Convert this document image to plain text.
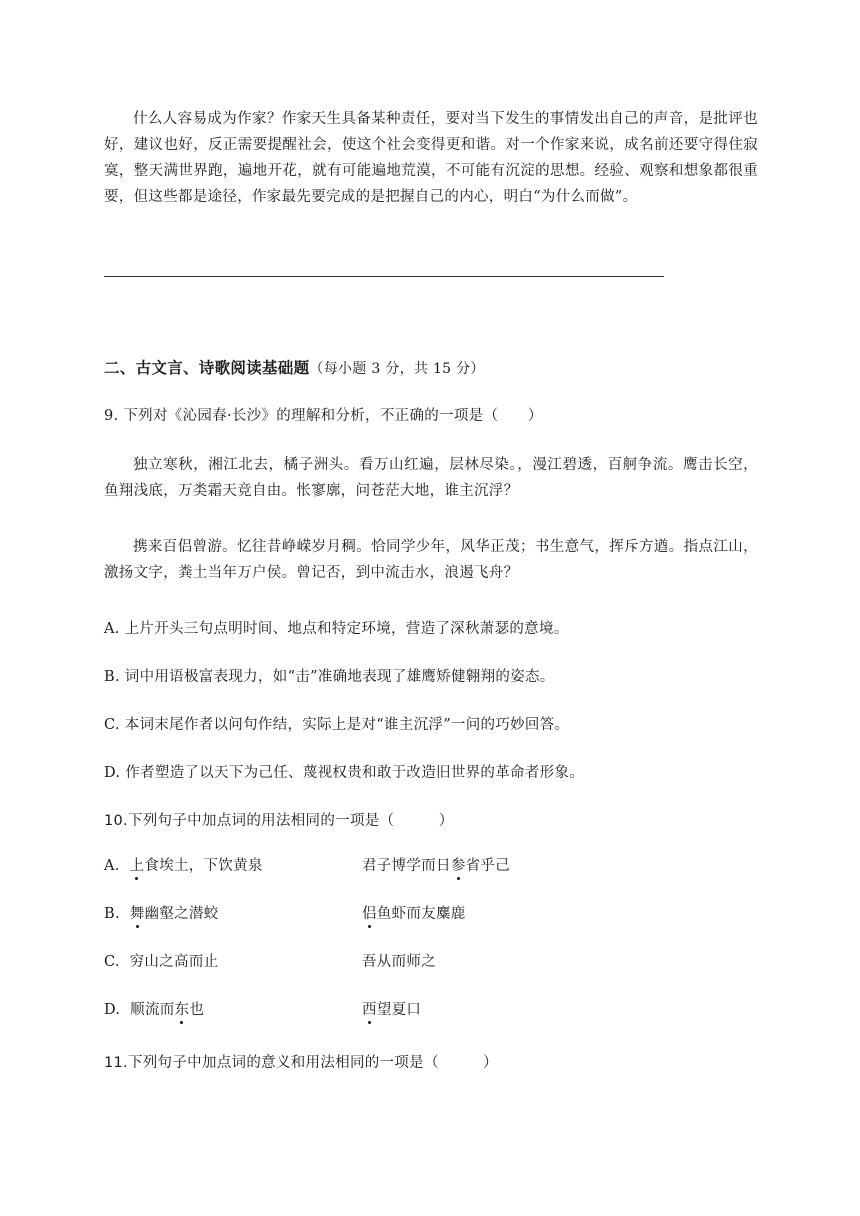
什么人容易成为作家？作家天生具备某种责任，要对当下发生的事情发出自己的声音，是批评也好，建议也好，反正需要提醒社会，使这个社会变得更和谐。对一个作家来说，成名前还要守得住寂寞，整天满世界跑，遍地开花，就有可能遍地荒漠，不可能有沉淀的思想。经验、观察和想象都很重要，但这些都是途径，作家最先要完成的是把握自己的内心，明白“为什么而做”。
二、古文言、诗歌阅读基础题（每小题 3 分，共 15 分）
9. 下列对《沁园春·长沙》的理解和分析，不正确的一项是（　　）
独立寒秋，湘江北去，橘子洲头。看万山红遍，层林尽染。，漫江碧透，百舸争流。鹰击长空，鱼翔浅底，万类霜天竞自由。怅寥廓，问苍茫大地，谁主沉浮？
携来百侣曾游。忆往昔峥嵘岁月稠。恰同学少年，风华正茂；书生意气，挥斥方遒。指点江山，激扬文字，粪土当年万户侯。曾记否，到中流击水，浪遏飞舟？
A. 上片开头三句点明时间、地点和特定环境，营造了深秋萧瑟的意境。
B. 词中用语极富表现力，如“击”准确地表现了雄鹰矫健翱翔的姿态。
C. 本词末尾作者以问句作结，实际上是对“谁主沉浮”一问的巧妙回答。
D. 作者塑造了以天下为己任、蔑视权贵和敢于改造旧世界的革命者形象。
10.下列句子中加点词的用法相同的一项是（　　　）
A. 上食埃土，下饮黄泉	君子博学而日参省乎己
B. 舞幽壑之潜蛟	侣鱼虾而友麋鹿
C. 穷山之高而止	吾从而师之
D. 顺流而东也	西望夏口
11.下列句子中加点词的意义和用法相同的一项是（　　　）
